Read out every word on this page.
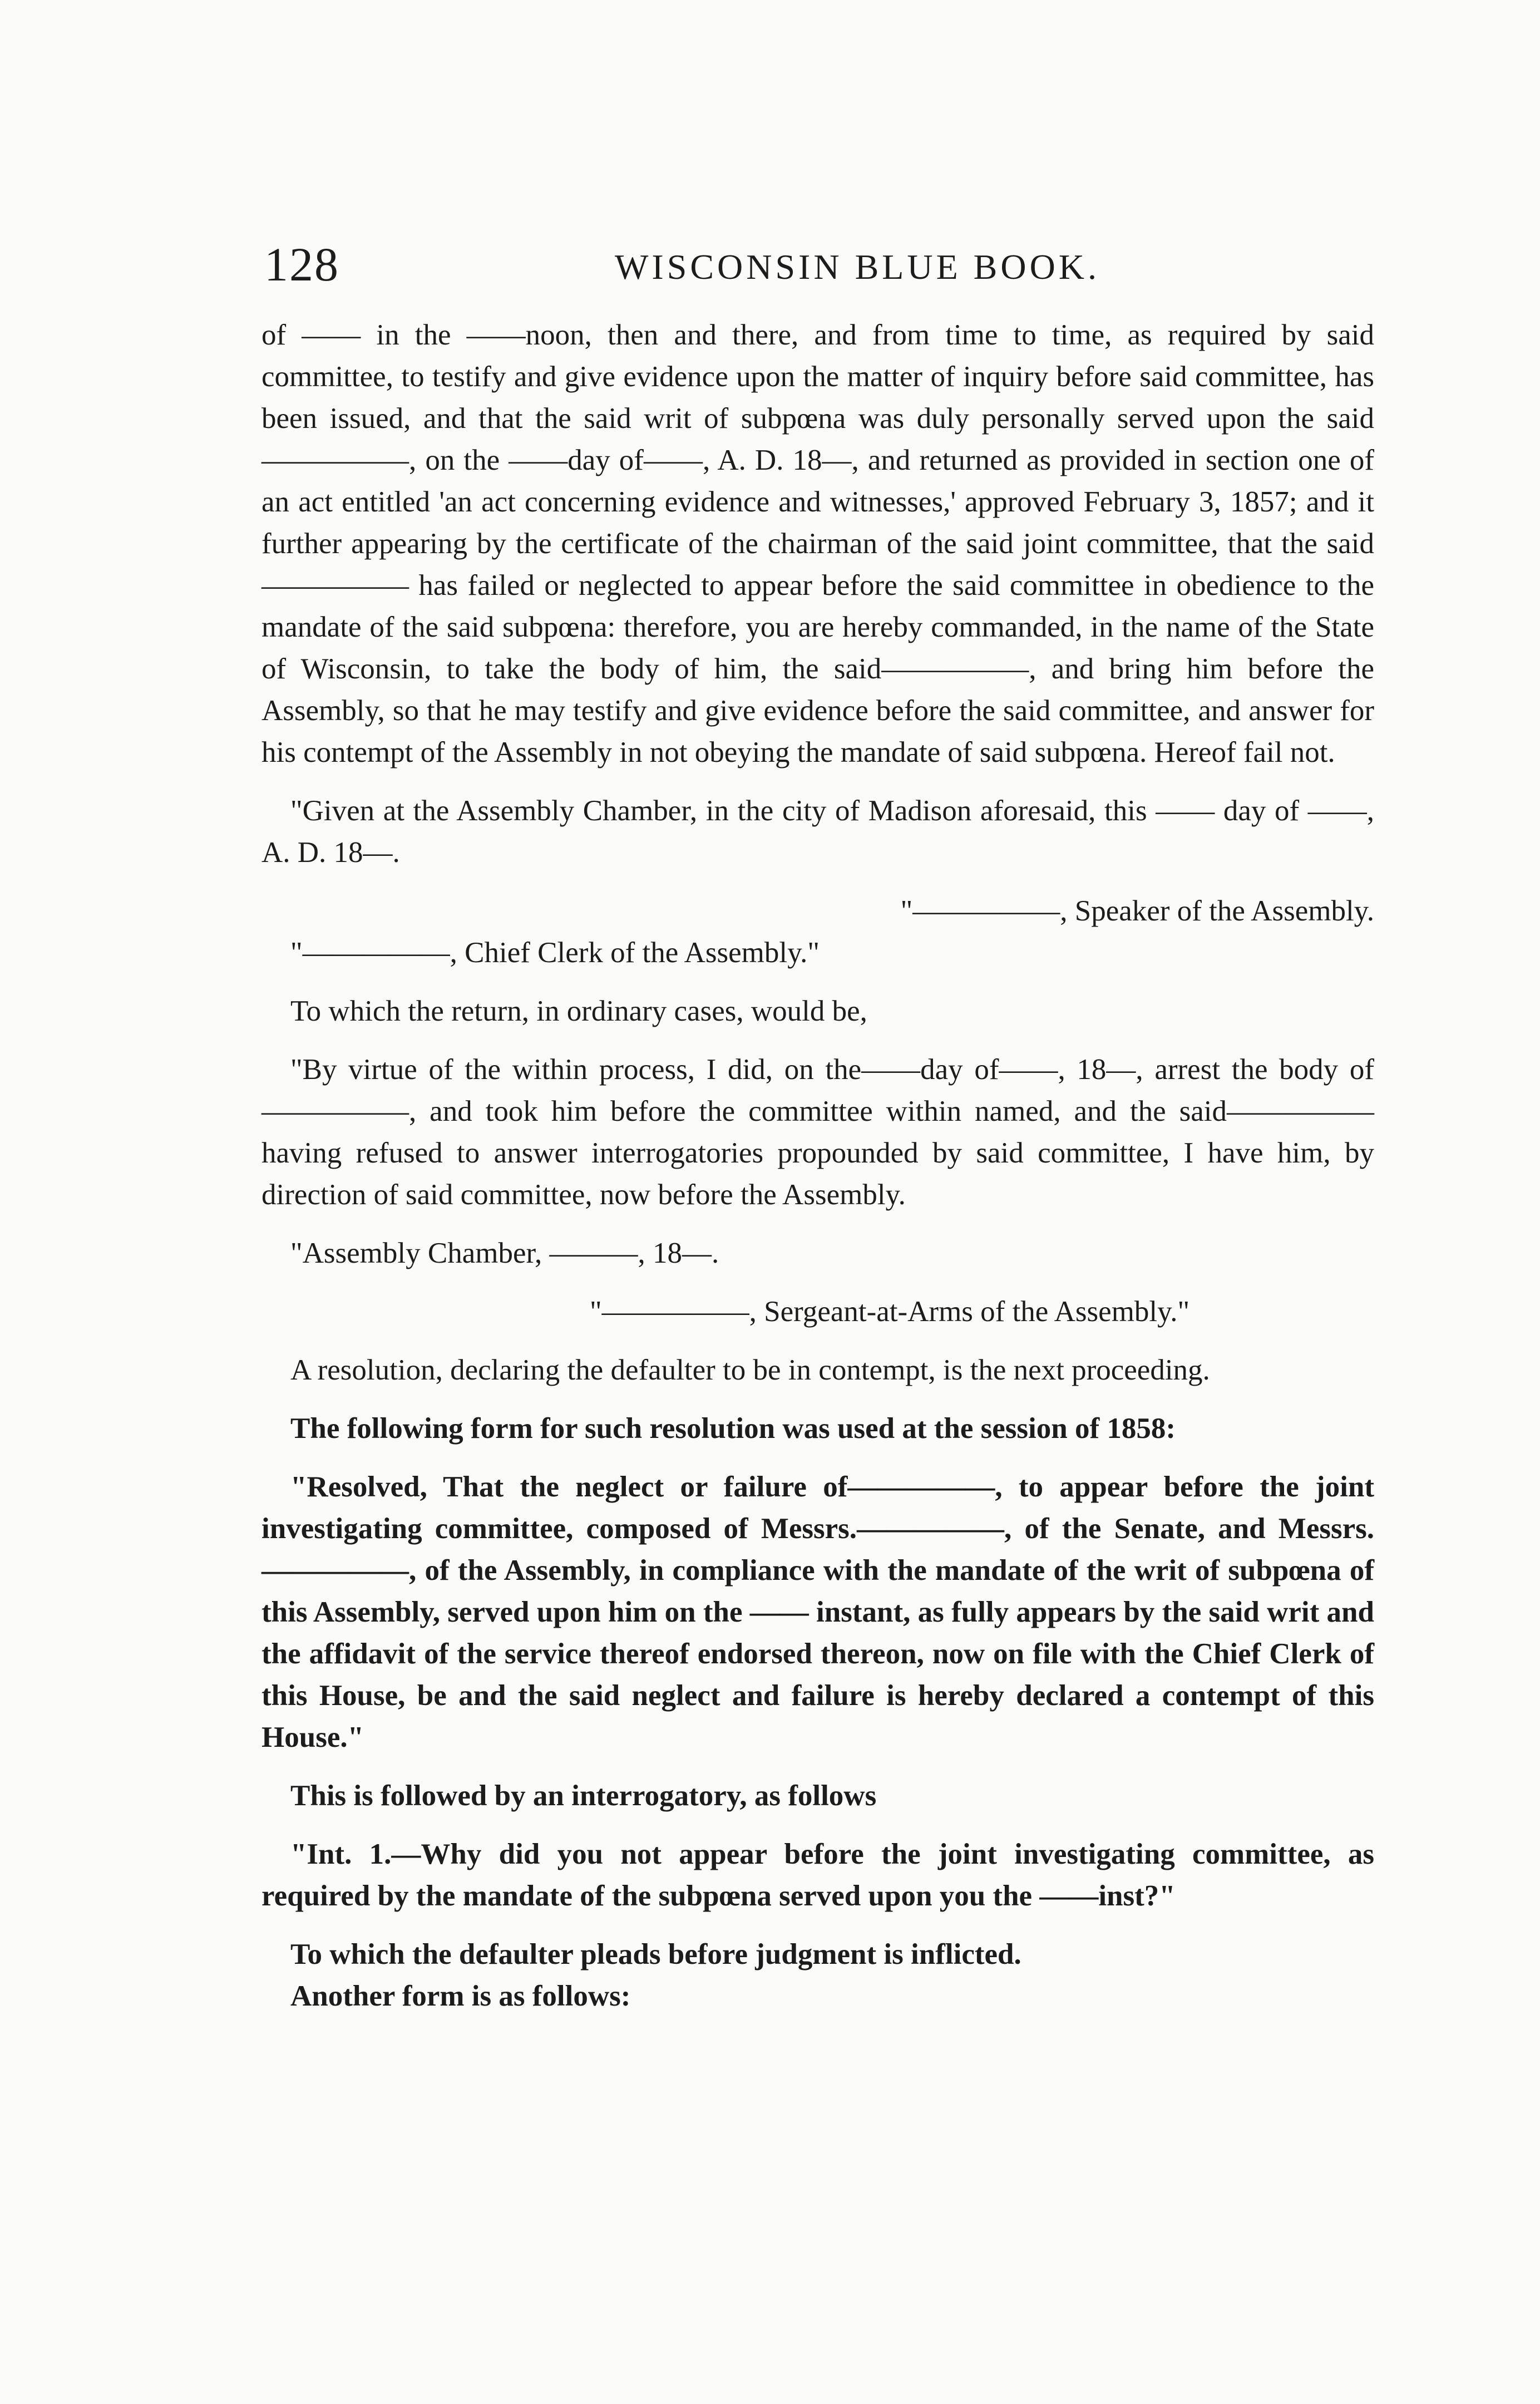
128	WISCONSIN BLUE BOOK.

of —— in the ——noon, then and there, and from time to time, as required by said committee, to testify and give evidence upon the matter of inquiry before said committee, has been issued, and that the said writ of subpœna was duly personally served upon the said—————, on the ——day of——, A. D. 18—, and returned as provided in section one of an act entitled 'an act concerning evidence and witnesses,' approved February 3, 1857; and it further appearing by the certificate of the chairman of the said joint committee, that the said————— has failed or neglected to appear before the said committee in obedience to the mandate of the said subpœna: therefore, you are hereby commanded, in the name of the State of Wisconsin, to take the body of him, the said—————, and bring him before the Assembly, so that he may testify and give evidence before the said committee, and answer for his contempt of the Assembly in not obeying the mandate of said subpœna. Hereof fail not.

"Given at the Assembly Chamber, in the city of Madison aforesaid, this —— day of ——, A. D. 18—.

"—————, Speaker of the Assembly.

"—————, Chief Clerk of the Assembly."

To which the return, in ordinary cases, would be,

"By virtue of the within process, I did, on the——day of——, 18—, arrest the body of—————, and took him before the committee within named, and the said————— having refused to answer interrogatories propounded by said committee, I have him, by direction of said committee, now before the Assembly.

"Assembly Chamber, ———, 18—.

"—————, Sergeant-at-Arms of the Assembly."

A resolution, declaring the defaulter to be in contempt, is the next proceeding.

The following form for such resolution was used at the session of 1858:

"Resolved, That the neglect or failure of—————, to appear before the joint investigating committee, composed of Messrs.—————, of the Senate, and Messrs.—————, of the Assembly, in compliance with the mandate of the writ of subpœna of this Assembly, served upon him on the —— instant, as fully appears by the said writ and the affidavit of the service thereof endorsed thereon, now on file with the Chief Clerk of this House, be and the said neglect and failure is hereby declared a contempt of this House."

This is followed by an interrogatory, as follows

"Int. 1.—Why did you not appear before the joint investigating committee, as required by the mandate of the subpœna served upon you the ——inst?"

To which the defaulter pleads before judgment is inflicted.

Another form is as follows:
